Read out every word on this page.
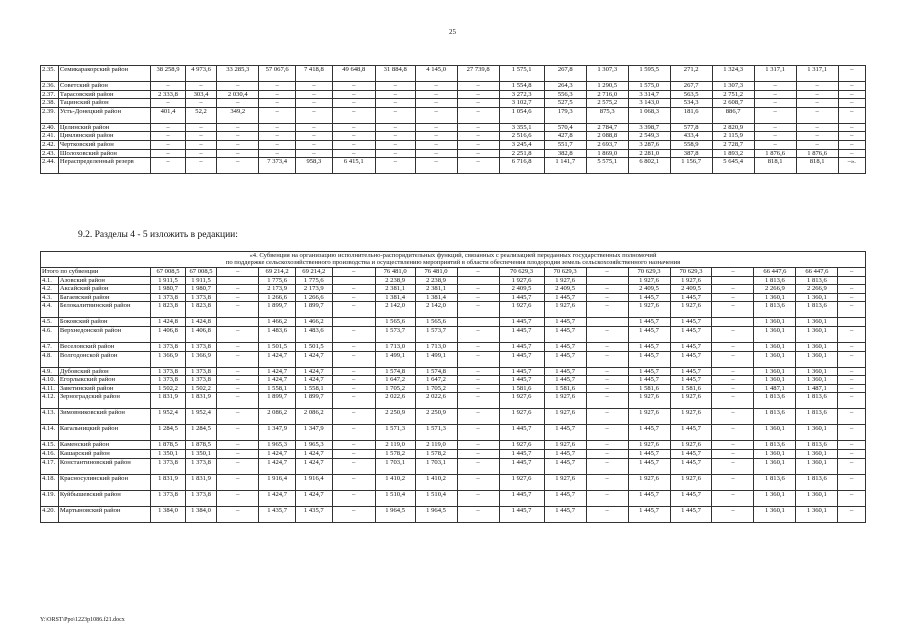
25
2.35.	Семикаракорский район	38 258,9	4 973,6	33 285,3	57 067,6	7 418,8	49 648,8	31 884,8	4 145,0	27 739,8	1 575,1	267,8	1 307,3	1 595,5	271,2	1 324,3	1 317,1	1 317,1	–
2.36.	Советский район	–	–	–	–	–	–	–	–	–	1 554,8	264,3	1 290,5	1 575,0	267,7	1 307,3	–	–	–
2.37.	Тарасовский район	2 333,8	303,4	2 030,4	–	–	–	–	–	–	3 272,3	556,3	2 716,0	3 314,7	563,5	2 751,2	–	–	–
2.38.	Тацинский район	–	–	–	–	–	–	–	–	–	3 102,7	527,5	2 575,2	3 143,0	534,3	2 608,7	–	–	–
2.39.	Усть-Донецкий район	401,4	52,2	349,2	–	–	–	–	–	–	1 054,6	179,3	875,3	1 068,3	181,6	886,7	–	–	–
2.40.	Целинский район	–	–	–	–	–	–	–	–	–	3 355,1	570,4	2 784,7	3 398,7	577,8	2 820,9	–	–	–
2.41.	Цимлянский район	–	–	–	–	–	–	–	–	–	2 516,6	427,8	2 088,8	2 549,3	433,4	2 115,9	–	–	–
2.42.	Чертковский район	–	–	–	–	–	–	–	–	–	3 245,4	551,7	2 693,7	3 287,6	558,9	2 728,7	–	–	–
2.43.	Шолоховский район	–	–	–	–	–	–	–	–	–	2 251,8	382,8	1 869,0	2 281,0	387,8	1 893,2	1 876,6	1 876,6	–
2.44.	Нераспределенный резерв	–	–	–	7 373,4	958,3	6 415,1	–	–	–	6 716,8	1 141,7	5 575,1	6 802,1	1 156,7	5 645,4	818,1	818,1	–».
9.2. Разделы 4 - 5 изложить в редакции:
«4. Субвенция на организацию исполнительно-распорядительных функций, связанных с реализацией переданных государственных полномочий
по поддержке сельскохозяйственного производства и осуществлению мероприятий в области обеспечения плодородия земель сельскохозяйственного назначения																			

Итого по субвенции		67 008,5	67 008,5	–	69 214,2	69 214,2	–	76 481,0	76 481,0	–	70 629,3	70 629,3	–	70 629,3	70 629,3	–	66 447,6	66 447,6	–
4.1.	Азовский район	1 911,5	1 911,5		1 775,6	1 775,6		2 238,9	2 238,9		1 927,6	1 927,6		1 927,6	1 927,6		1 813,6	1 813,6	
4.2.	Аксайский район	1 980,7	1 980,7	–	2 173,9	2 173,9	–	2 381,1	2 381,1	–	2 409,5	2 409,5	–	2 409,5	2 409,5	–	2 266,9	2 266,9	–
4.3.	Багаевский район	1 373,8	1 373,8	–	1 266,6	1 266,6	–	1 381,4	1 381,4	–	1 445,7	1 445,7	–	1 445,7	1 445,7	–	1 360,1	1 360,1	–
4.4.	Белокалитвинский район	1 823,8	1 823,8	–	1 899,7	1 899,7	–	2 142,0	2 142,0	–	1 927,6	1 927,6	–	1 927,6	1 927,6	–	1 813,6	1 813,6	–
4.5.	Боковский район	1 424,8	1 424,8		1 466,2	1 466,2		1 565,6	1 565,6		1 445,7	1 445,7		1 445,7	1 445,7		1 360,1	1 360,1	
4.6.	Верхнедонской район	1 406,8	1 406,8	–	1 483,6	1 483,6	–	1 573,7	1 573,7	–	1 445,7	1 445,7	–	1 445,7	1 445,7	–	1 360,1	1 360,1	–
4.7.	Веселовский район	1 373,8	1 373,8	–	1 501,5	1 501,5	–	1 713,0	1 713,0	–	1 445,7	1 445,7	–	1 445,7	1 445,7	–	1 360,1	1 360,1	–
4.8.	Волгодонской район	1 366,9	1 366,9	–	1 424,7	1 424,7	–	1 499,1	1 499,1	–	1 445,7	1 445,7	–	1 445,7	1 445,7	–	1 360,1	1 360,1	–
4.9.	Дубовский район	1 373,8	1 373,8	–	1 424,7	1 424,7	–	1 574,8	1 574,8	–	1 445,7	1 445,7	–	1 445,7	1 445,7	–	1 360,1	1 360,1	–
4.10.	Егорлыкский район	1 373,8	1 373,8	–	1 424,7	1 424,7	–	1 647,2	1 647,2	–	1 445,7	1 445,7	–	1 445,7	1 445,7	–	1 360,1	1 360,1	–
4.11.	Заветинский район	1 502,2	1 502,2	–	1 558,1	1 558,1	–	1 705,2	1 705,2	–	1 581,6	1 581,6	–	1 581,6	1 581,6	–	1 487,1	1 487,1	–
4.12.	Зерноградский район	1 831,9	1 831,9	–	1 899,7	1 899,7	–	2 022,6	2 022,6	–	1 927,6	1 927,6	–	1 927,6	1 927,6	–	1 813,6	1 813,6	–
4.13.	Зимовниковский район	1 952,4	1 952,4	–	2 086,2	2 086,2	–	2 250,9	2 250,9	–	1 927,6	1 927,6	–	1 927,6	1 927,6	–	1 813,6	1 813,6	–
4.14.	Кагальницкий район	1 284,5	1 284,5	–	1 347,9	1 347,9	–	1 571,3	1 571,3	–	1 445,7	1 445,7	–	1 445,7	1 445,7	–	1 360,1	1 360,1	–
4.15.	Каменский район	1 878,5	1 878,5	–	1 965,3	1 965,3	–	2 119,0	2 119,0	–	1 927,6	1 927,6	–	1 927,6	1 927,6	–	1 813,6	1 813,6	–
4.16.	Кашарский район	1 350,1	1 350,1	–	1 424,7	1 424,7	–	1 578,2	1 578,2	–	1 445,7	1 445,7	–	1 445,7	1 445,7	–	1 360,1	1 360,1	–
4.17.	Константиновский район	1 373,8	1 373,8	–	1 424,7	1 424,7	–	1 703,1	1 703,1	–	1 445,7	1 445,7	–	1 445,7	1 445,7	–	1 360,1	1 360,1	–
4.18.	Красносулинский район	1 831,9	1 831,9	–	1 916,4	1 916,4	–	1 410,2	1 410,2	–	1 927,6	1 927,6	–	1 927,6	1 927,6	–	1 813,6	1 813,6	–
4.19.	Куйбышевский район	1 373,8	1 373,8	–	1 424,7	1 424,7	–	1 510,4	1 510,4	–	1 445,7	1 445,7	–	1 445,7	1 445,7	–	1 360,1	1 360,1	–
4.20.	Мартыновский район	1 384,0	1 384,0	–	1 435,7	1 435,7	–	1 964,5	1 964,5	–	1 445,7	1 445,7	–	1 445,7	1 445,7	–	1 360,1	1 360,1	–
Y:\ORST\Ppo\1223p1086.f21.docx
